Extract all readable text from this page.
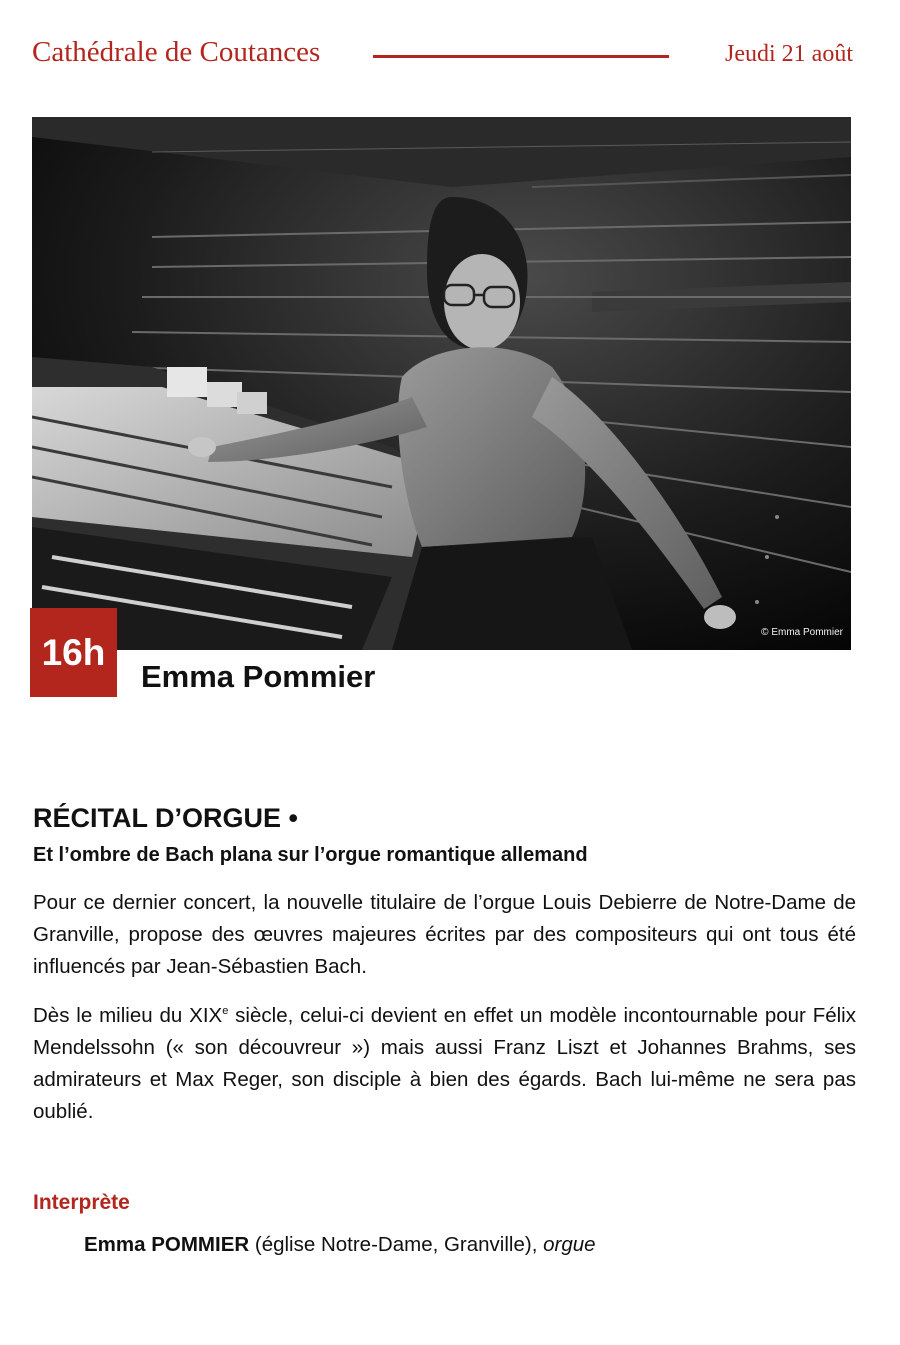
Cathédrale de Coutances	Jeudi 21 août
© Emma Pommier
16h
Emma Pommier
RÉCITAL D’ORGUE •
Et l’ombre de Bach plana sur l’orgue romantique allemand
Pour ce dernier concert, la nouvelle titulaire de l’orgue Louis Debierre de Notre-Dame de Granville, propose des œuvres majeures écrites par des compositeurs qui ont tous été influencés par Jean-Sébastien Bach.
Dès le milieu du XIXe siècle, celui-ci devient en effet un modèle incontournable pour Félix Mendelssohn (« son découvreur ») mais aussi Franz Liszt et Johannes Brahms, ses admirateurs et Max Reger, son disciple à bien des égards. Bach lui-même ne sera pas oublié.
Interprète
Emma POMMIER (église Notre-Dame, Granville), orgue
